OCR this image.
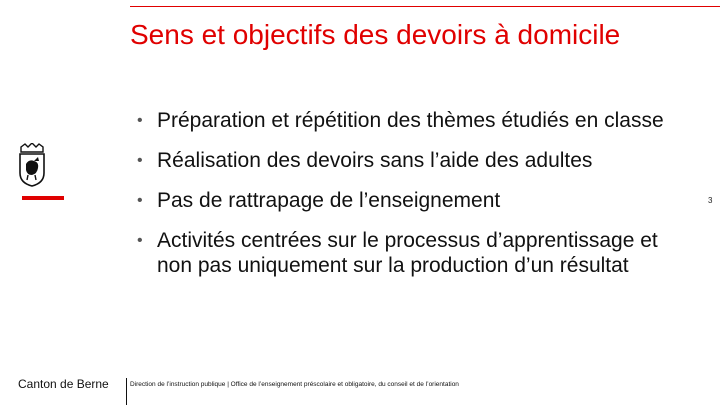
Sens et objectifs des devoirs à domicile
• Préparation et répétition des thèmes étudiés en classe
• Réalisation des devoirs sans l’aide des adultes
• Pas de rattrapage de l’enseignement
• Activités centrées sur le processus d’apprentissage et non pas uniquement sur la production d’un résultat
3
Canton de Berne	Direction de l’instruction publique | Office de l’enseignement préscolaire et obligatoire, du conseil et de l’orientation
